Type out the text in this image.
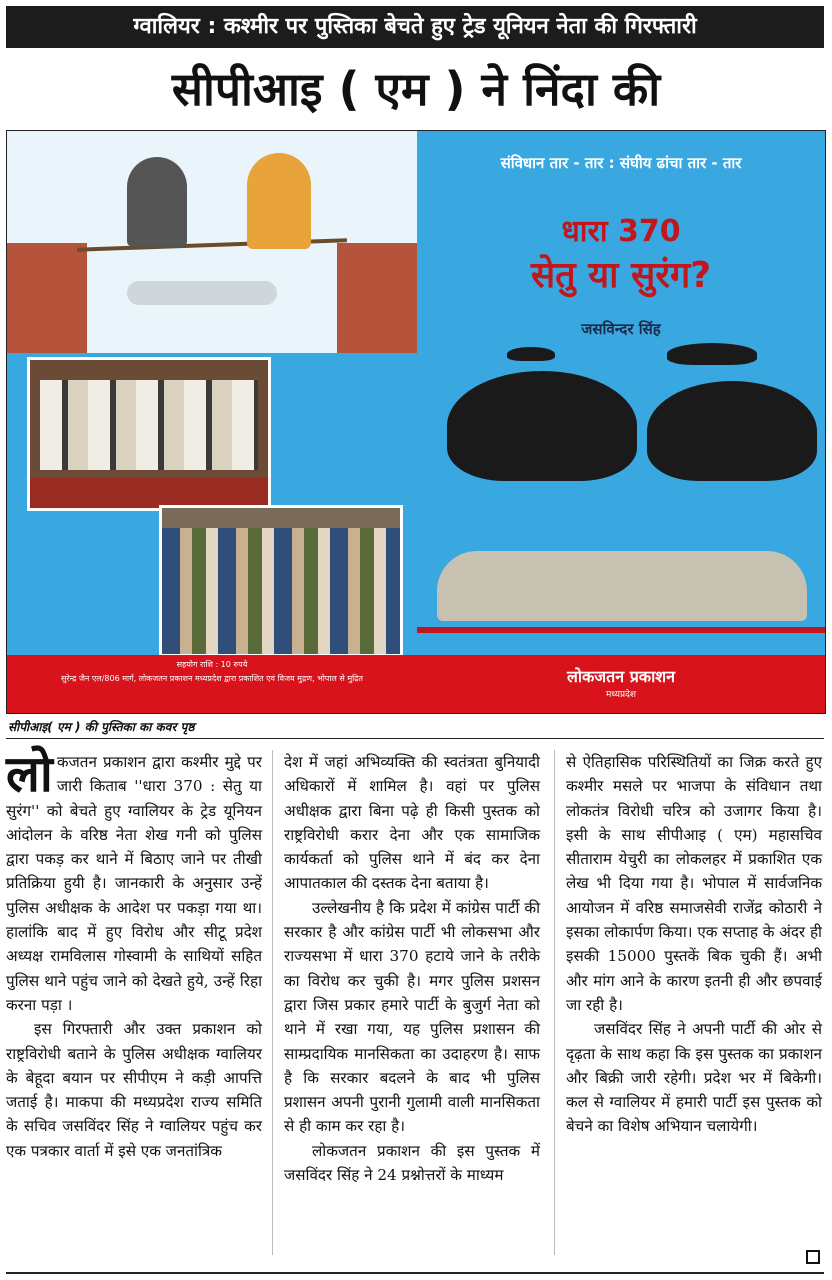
ग्वालियर : कश्मीर पर पुस्तिका बेचते हुए ट्रेड यूनियन नेता की गिरफ्तारी
सीपीआइ ( एम ) ने निंदा की
संविधान तार - तार : संघीय ढांचा तार - तार
धारा 370
सेतु या सुरंग?
जसविन्दर सिंह
सहयोग राशि : 10 रुपये
सुरेन्द्र जैन एल/806 मार्ग, लोकजतन प्रकाशन मध्यप्रदेश द्वारा प्रकाशित एवं विजय मुद्रण, भोपाल से मुद्रित	लोकजतन प्रकाशन
मध्यप्रदेश
सीपीआइ( एम ) की पुस्तिका का कवर पृष्ठ

लोकजतन प्रकाशन द्वारा कश्मीर मुद्दे पर जारी किताब ''धारा 370 : सेतु या सुरंग'' को बेचते हुए ग्वालियर के ट्रेड यूनियन आंदोलन के वरिष्ठ नेता शेख गनी को पुलिस द्वारा पकड़ कर थाने में बिठाए जाने पर तीखी प्रतिक्रिया हुयी है। जानकारी के अनुसार उन्हें पुलिस अधीक्षक के आदेश पर पकड़ा गया था। हालांकि बाद में हुए विरोध और सीटू प्रदेश अध्यक्ष रामविलास गोस्वामी के साथियों सहित पुलिस थाने पहुंच जाने को देखते हुये, उन्हें रिहा करना पड़ा ।

इस गिरफ्तारी और उक्त प्रकाशन को राष्ट्रविरोधी बताने के पुलिस अधीक्षक ग्वालियर के बेहूदा बयान पर सीपीएम ने कड़ी आपत्ति जताई है। माकपा की मध्यप्रदेश राज्य समिति के सचिव जसविंदर सिंह ने ग्वालियर पहुंच कर एक पत्रकार वार्ता में इसे एक जनतांत्रिक

देश में जहां अभिव्यक्ति की स्वतंत्रता बुनियादी अधिकारों में शामिल है। वहां पर पुलिस अधीक्षक द्वारा बिना पढ़े ही किसी पुस्तक को राष्ट्रविरोधी करार देना और एक सामाजिक कार्यकर्ता को पुलिस थाने में बंद कर देना आपातकाल की दस्तक देना बताया है।

उल्लेखनीय है कि प्रदेश में कांग्रेस पार्टी की सरकार है और कांग्रेस पार्टी भी लोकसभा और राज्यसभा में धारा 370 हटाये जाने के तरीके का विरोध कर चुकी है। मगर पुलिस प्रशसन द्वारा जिस प्रकार हमारे पार्टी के बुजुर्ग नेता को थाने में रखा गया, यह पुलिस प्रशासन की साम्प्रदायिक मानसिकता का उदाहरण है। साफ है कि सरकार बदलने के बाद भी पुलिस प्रशासन अपनी पुरानी गुलामी वाली मानसिकता से ही काम कर रहा है।

लोकजतन प्रकाशन की इस पुस्तक में जसविंदर सिंह ने 24 प्रश्नोत्तरों के माध्यम

से ऐतिहासिक परिस्थितियों का जिक्र करते हुए कश्मीर मसले पर भाजपा के संविधान तथा लोकतंत्र विरोधी चरित्र को उजागर किया है। इसी के साथ सीपीआइ ( एम) महासचिव सीताराम येचुरी का लोकलहर में प्रकाशित एक लेख भी दिया गया है। भोपाल में सार्वजनिक आयोजन में वरिष्ठ समाजसेवी राजेंद्र कोठारी ने इसका लोकार्पण किया। एक सप्ताह के अंदर ही इसकी 15000 पुस्तकें बिक चुकी हैं। अभी और मांग आने के कारण इतनी ही और छपवाई जा रही है।

जसविंदर सिंह ने अपनी पार्टी की ओर से दृढ़ता के साथ कहा कि इस पुस्तक का प्रकाशन और बिक्री जारी रहेगी। प्रदेश भर में बिकेगी। कल से ग्वालियर में हमारी पार्टी इस पुस्तक को बेचने का विशेष अभियान चलायेगी।
